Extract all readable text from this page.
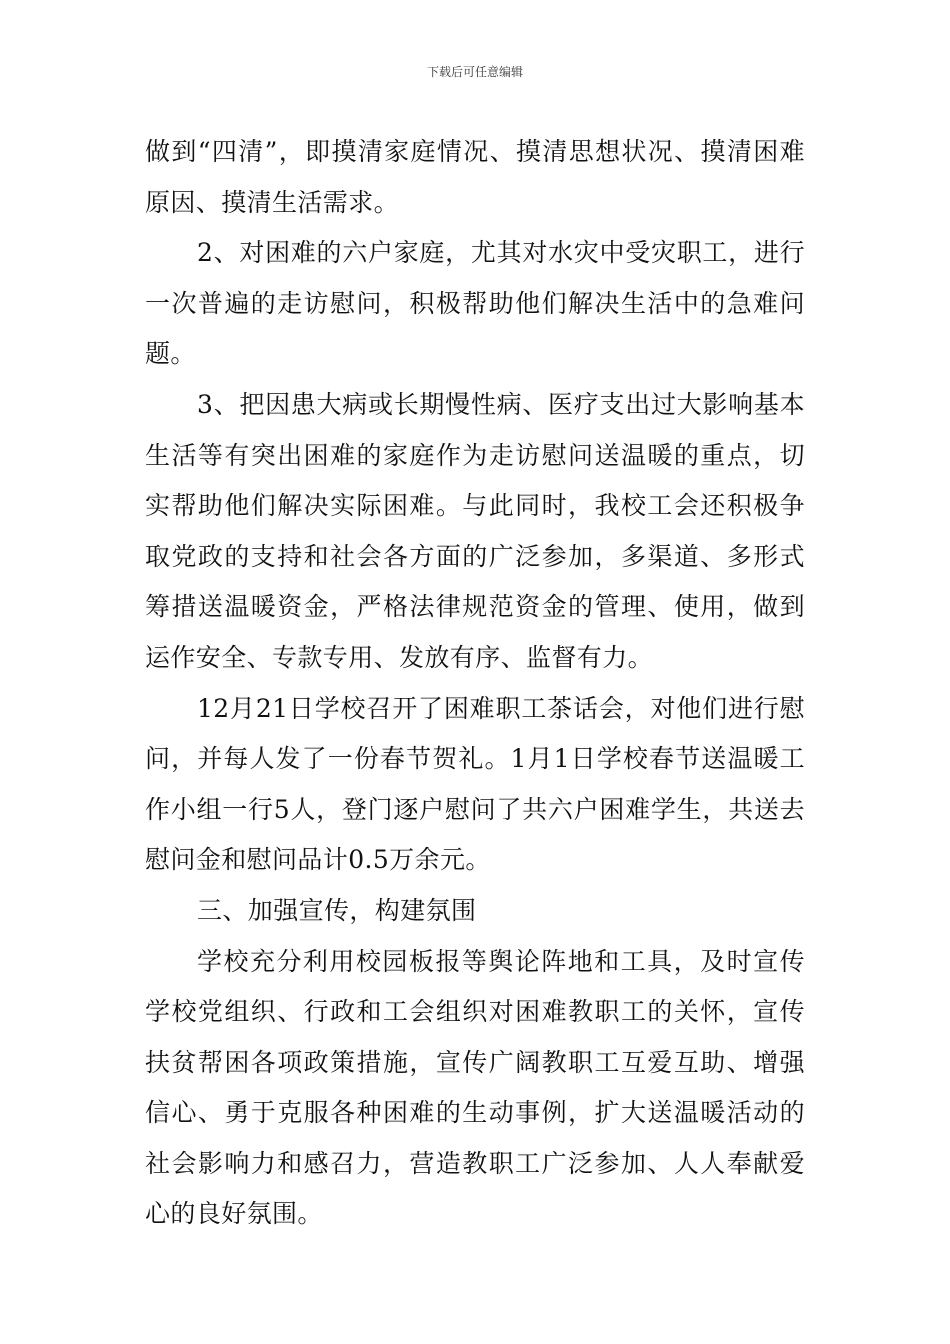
下载后可任意编辑

做到“四清”，即摸清家庭情况、摸清思想状况、摸清困难原因、摸清生活需求。

2、对困难的六户家庭，尤其对水灾中受灾职工，进行一次普遍的走访慰问，积极帮助他们解决生活中的急难问题。

3、把因患大病或长期慢性病、医疗支出过大影响基本生活等有突出困难的家庭作为走访慰问送温暖的重点，切实帮助他们解决实际困难。与此同时，我校工会还积极争取党政的支持和社会各方面的广泛参加，多渠道、多形式筹措送温暖资金，严格法律规范资金的管理、使用，做到运作安全、专款专用、发放有序、监督有力。

12月21日学校召开了困难职工茶话会，对他们进行慰问，并每人发了一份春节贺礼。1月1日学校春节送温暖工作小组一行5人，登门逐户慰问了共六户困难学生，共送去慰问金和慰问品计0.5万余元。

三、加强宣传，构建氛围

学校充分利用校园板报等舆论阵地和工具，及时宣传学校党组织、行政和工会组织对困难教职工的关怀，宣传扶贫帮困各项政策措施，宣传广阔教职工互爱互助、增强信心、勇于克服各种困难的生动事例，扩大送温暖活动的社会影响力和感召力，营造教职工广泛参加、人人奉献爱心的良好氛围。
